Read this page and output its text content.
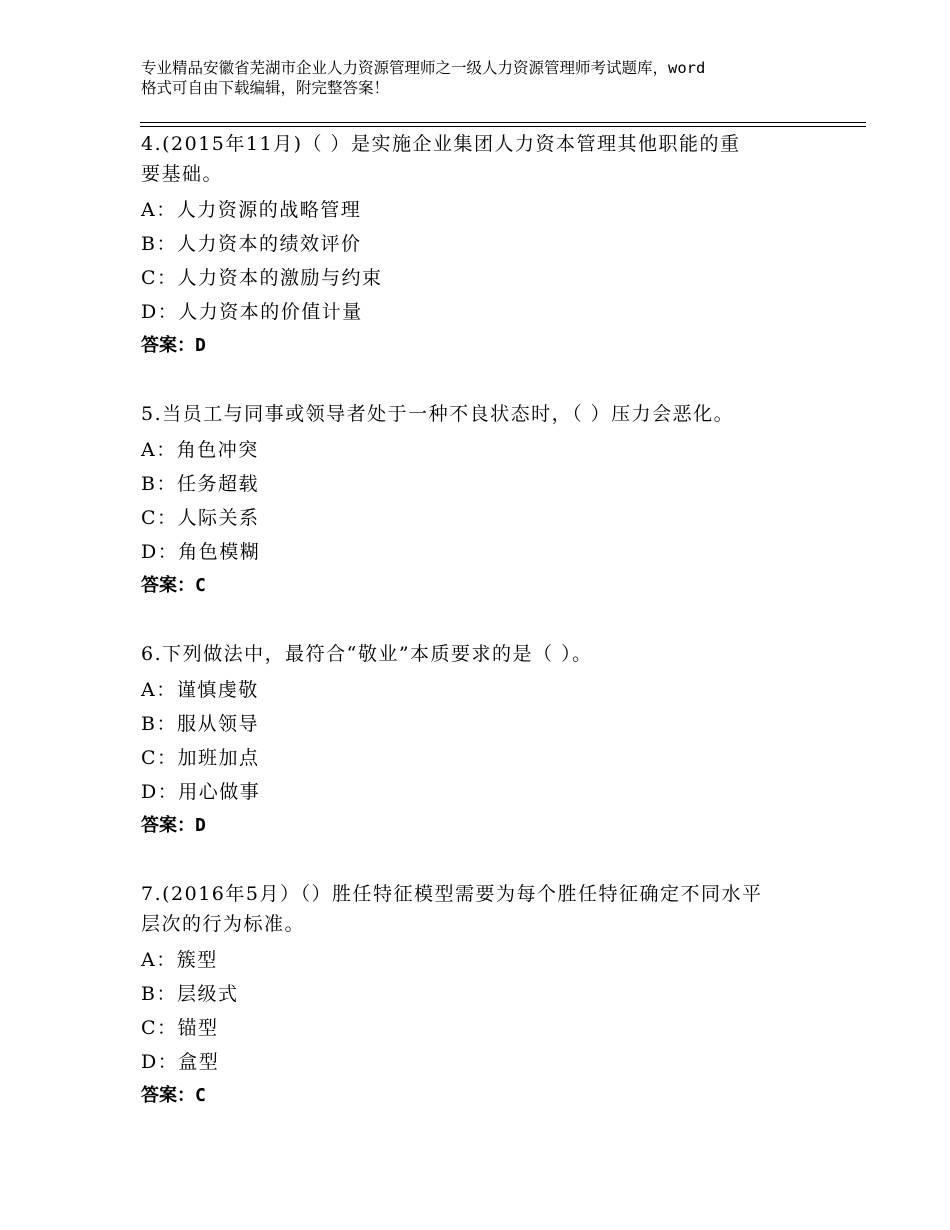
专业精品安徽省芜湖市企业人力资源管理师之一级人力资源管理师考试题库，word
格式可自由下载编辑，附完整答案！
4.(2015年11月)（ ）是实施企业集团人力资本管理其他职能的重
要基础。
A：人力资源的战略管理
B：人力资本的绩效评价
C：人力资本的激励与约束
D：人力资本的价值计量
答案：D
5.当员工与同事或领导者处于一种不良状态时，（ ）压力会恶化。
A：角色冲突
B：任务超载
C：人际关系
D：角色模糊
答案：C
6.下列做法中，最符合“敬业”本质要求的是（ ）。
A：谨慎虔敬
B：服从领导
C：加班加点
D：用心做事
答案：D
7.(2016年5月）（）胜任特征模型需要为每个胜任特征确定不同水平
层次的行为标准。
A：簇型
B：层级式
C：锚型
D：盒型
答案：C
